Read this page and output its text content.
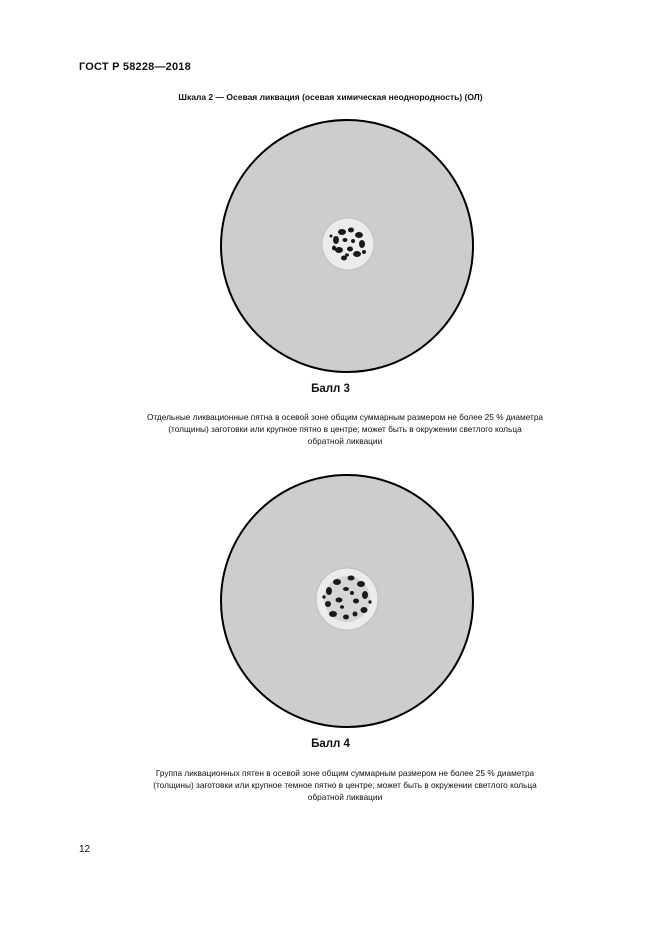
ГОСТ Р 58228—2018
Шкала 2 — Осевая ликвация (осевая химическая неоднородность) (ОЛ)
Балл 3
Отдельные ликвационные пятна в осевой зоне общим суммарным размером не более 25 % диаметра
(толщины) заготовки или крупное пятно в центре; может быть в окружении светлого кольца
обратной ликвации
Балл 4
Группа ликвационных пятен в осевой зоне общим суммарным размером не более 25 % диаметра
(толщины) заготовки или крупное темное пятно в центре; может быть в окружении светлого кольца
обратной ликвации
12
